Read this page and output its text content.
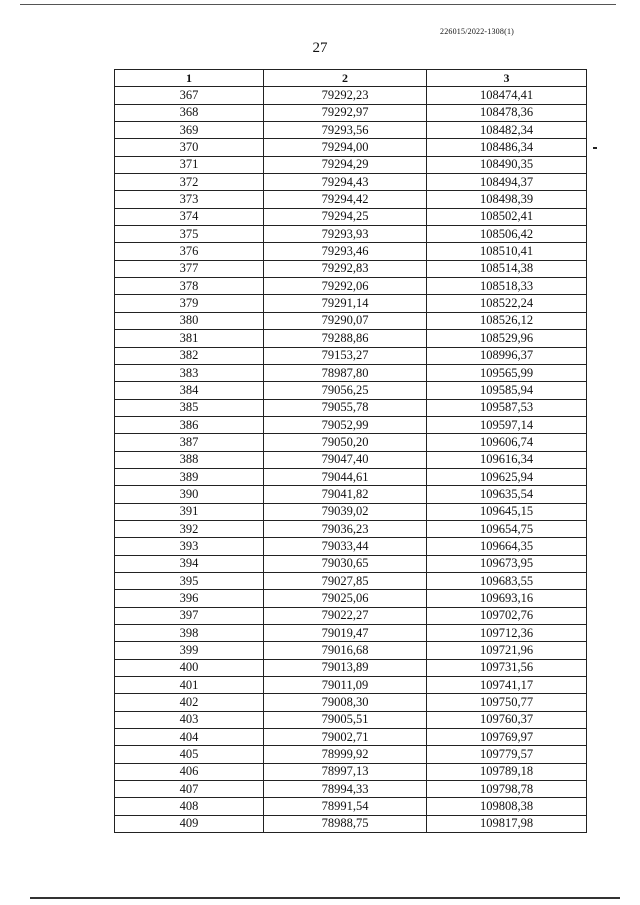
226015/2022-1308(1)
27
1	2	3
367	79292,23	108474,41
368	79292,97	108478,36
369	79293,56	108482,34
370	79294,00	108486,34
371	79294,29	108490,35
372	79294,43	108494,37
373	79294,42	108498,39
374	79294,25	108502,41
375	79293,93	108506,42
376	79293,46	108510,41
377	79292,83	108514,38
378	79292,06	108518,33
379	79291,14	108522,24
380	79290,07	108526,12
381	79288,86	108529,96
382	79153,27	108996,37
383	78987,80	109565,99
384	79056,25	109585,94
385	79055,78	109587,53
386	79052,99	109597,14
387	79050,20	109606,74
388	79047,40	109616,34
389	79044,61	109625,94
390	79041,82	109635,54
391	79039,02	109645,15
392	79036,23	109654,75
393	79033,44	109664,35
394	79030,65	109673,95
395	79027,85	109683,55
396	79025,06	109693,16
397	79022,27	109702,76
398	79019,47	109712,36
399	79016,68	109721,96
400	79013,89	109731,56
401	79011,09	109741,17
402	79008,30	109750,77
403	79005,51	109760,37
404	79002,71	109769,97
405	78999,92	109779,57
406	78997,13	109789,18
407	78994,33	109798,78
408	78991,54	109808,38
409	78988,75	109817,98
